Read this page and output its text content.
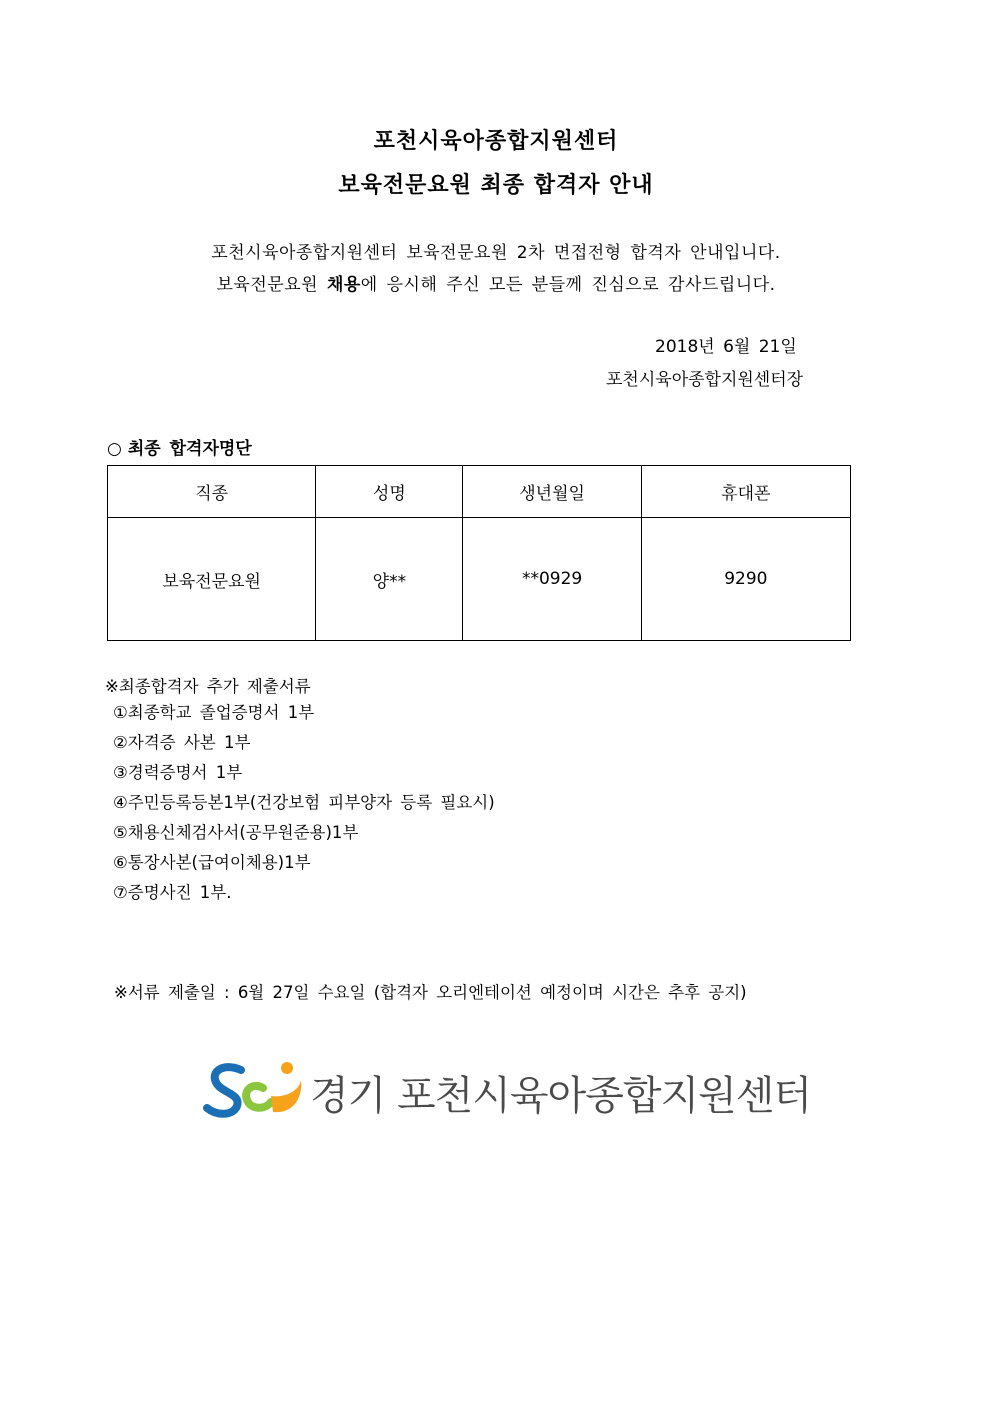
포천시육아종합지원센터
보육전문요원 최종 합격자 안내
포천시육아종합지원센터 보육전문요원 2차 면접전형 합격자 안내입니다.
보육전문요원 채용에 응시해 주신 모든 분들께 진심으로 감사드립니다.
2018년 6월 21일
포천시육아종합지원센터장
○ 최종 합격자명단
직종	성명	생년월일	휴대폰
보육전문요원	양**	**0929	9290
※최종합격자 추가 제출서류
①최종학교 졸업증명서 1부
②자격증 사본 1부
③경력증명서 1부
④주민등록등본1부(건강보험 피부양자 등록 필요시)
⑤채용신체검사서(공무원준용)1부
⑥통장사본(급여이체용)1부
⑦증명사진 1부.
※서류 제출일 : 6월 27일 수요일 (합격자 오리엔테이션 예정이며 시간은 추후 공지)
경기 포천시육아종합지원센터
